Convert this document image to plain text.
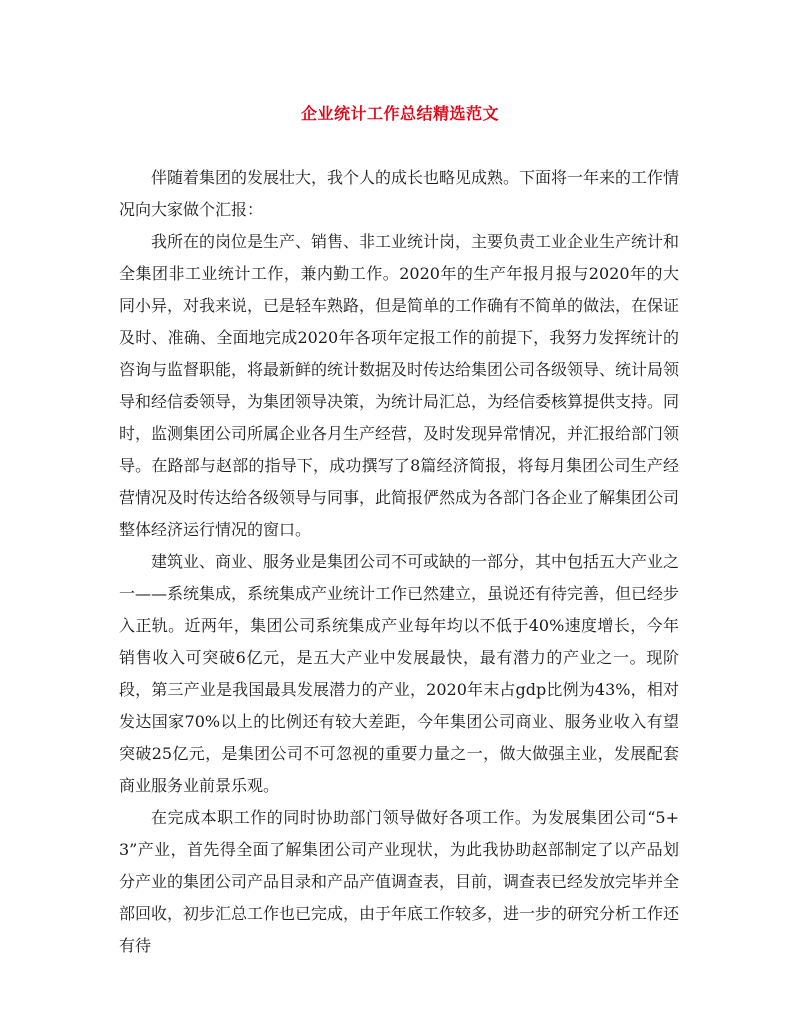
企业统计工作总结精选范文

伴随着集团的发展壮大，我个人的成长也略见成熟。下面将一年来的工作情况向大家做个汇报：

我所在的岗位是生产、销售、非工业统计岗，主要负责工业企业生产统计和全集团非工业统计工作，兼内勤工作。2020年的生产年报月报与2020年的大同小异，对我来说，已是轻车熟路，但是简单的工作确有不简单的做法，在保证及时、准确、全面地完成2020年各项年定报工作的前提下，我努力发挥统计的咨询与监督职能，将最新鲜的统计数据及时传达给集团公司各级领导、统计局领导和经信委领导，为集团领导决策，为统计局汇总，为经信委核算提供支持。同时，监测集团公司所属企业各月生产经营，及时发现异常情况，并汇报给部门领导。在路部与赵部的指导下，成功撰写了8篇经济简报，将每月集团公司生产经营情况及时传达给各级领导与同事，此简报俨然成为各部门各企业了解集团公司整体经济运行情况的窗口。

建筑业、商业、服务业是集团公司不可或缺的一部分，其中包括五大产业之一——系统集成，系统集成产业统计工作已然建立，虽说还有待完善，但已经步入正轨。近两年，集团公司系统集成产业每年均以不低于40%速度增长，今年销售收入可突破6亿元，是五大产业中发展最快，最有潜力的产业之一。现阶段，第三产业是我国最具发展潜力的产业，2020年末占gdp比例为43%，相对发达国家70%以上的比例还有较大差距，今年集团公司商业、服务业收入有望突破25亿元，是集团公司不可忽视的重要力量之一，做大做强主业，发展配套商业服务业前景乐观。

在完成本职工作的同时协助部门领导做好各项工作。为发展集团公司“5+3”产业，首先得全面了解集团公司产业现状，为此我协助赵部制定了以产品划分产业的集团公司产品目录和产品产值调查表，目前，调查表已经发放完毕并全部回收，初步汇总工作也已完成，由于年底工作较多，进一步的研究分析工作还有待
